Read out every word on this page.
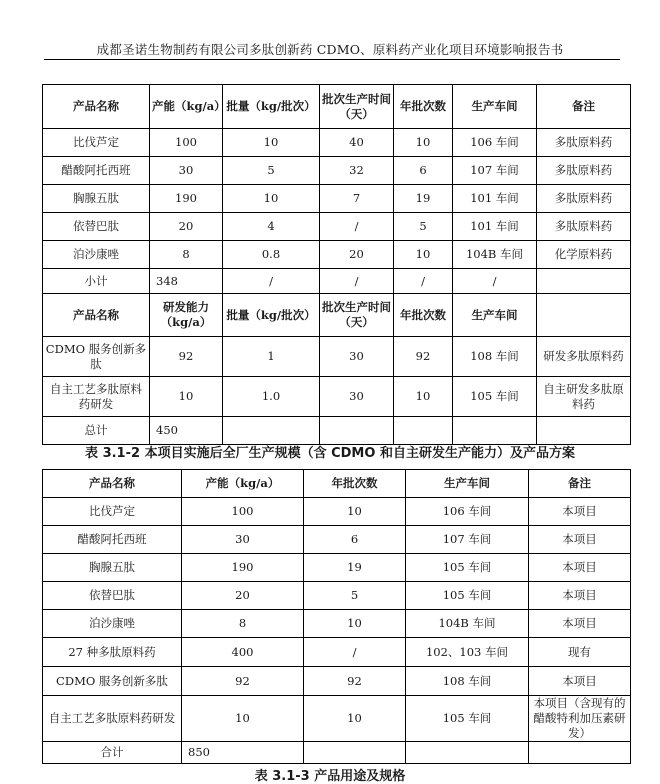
成都圣诺生物制药有限公司多肽创新药 CDMO、原料药产业化项目环境影响报告书
产品名称	产能（kg/a）	批量（kg/批次）	批次生产时间（天）	年批次数	生产车间	备注
比伐芦定	100	10	40	10	106 车间	多肽原料药
醋酸阿托西班	30	5	32	6	107 车间	多肽原料药
胸腺五肽	190	10	7	19	101 车间	多肽原料药
依替巴肽	20	4	/	5	101 车间	多肽原料药
泊沙康唑	8	0.8	20	10	104B 车间	化学原料药
小计	348	/	/	/	/	
产品名称	研发能力（kg/a）	批量（kg/批次）	批次生产时间（天）	年批次数	生产车间	
CDMO 服务创新多肽	92	1	30	92	108 车间	研发多肽原料药
自主工艺多肽原料药研发	10	1.0	30	10	105 车间	自主研发多肽原料药
总计	450					
表 3.1-2 本项目实施后全厂生产规模（含 CDMO 和自主研发生产能力）及产品方案
产品名称	产能（kg/a）	年批次数	生产车间	备注
比伐芦定	100	10	106 车间	本项目
醋酸阿托西班	30	6	107 车间	本项目
胸腺五肽	190	19	105 车间	本项目
依替巴肽	20	5	105 车间	本项目
泊沙康唑	8	10	104B 车间	本项目
27 种多肽原料药	400	/	102、103 车间	现有
CDMO 服务创新多肽	92	92	108 车间	本项目
自主工艺多肽原料药研发	10	10	105 车间	本项目（含现有的醋酸特利加压素研发）
合计	850			
表 3.1-3 产品用途及规格
